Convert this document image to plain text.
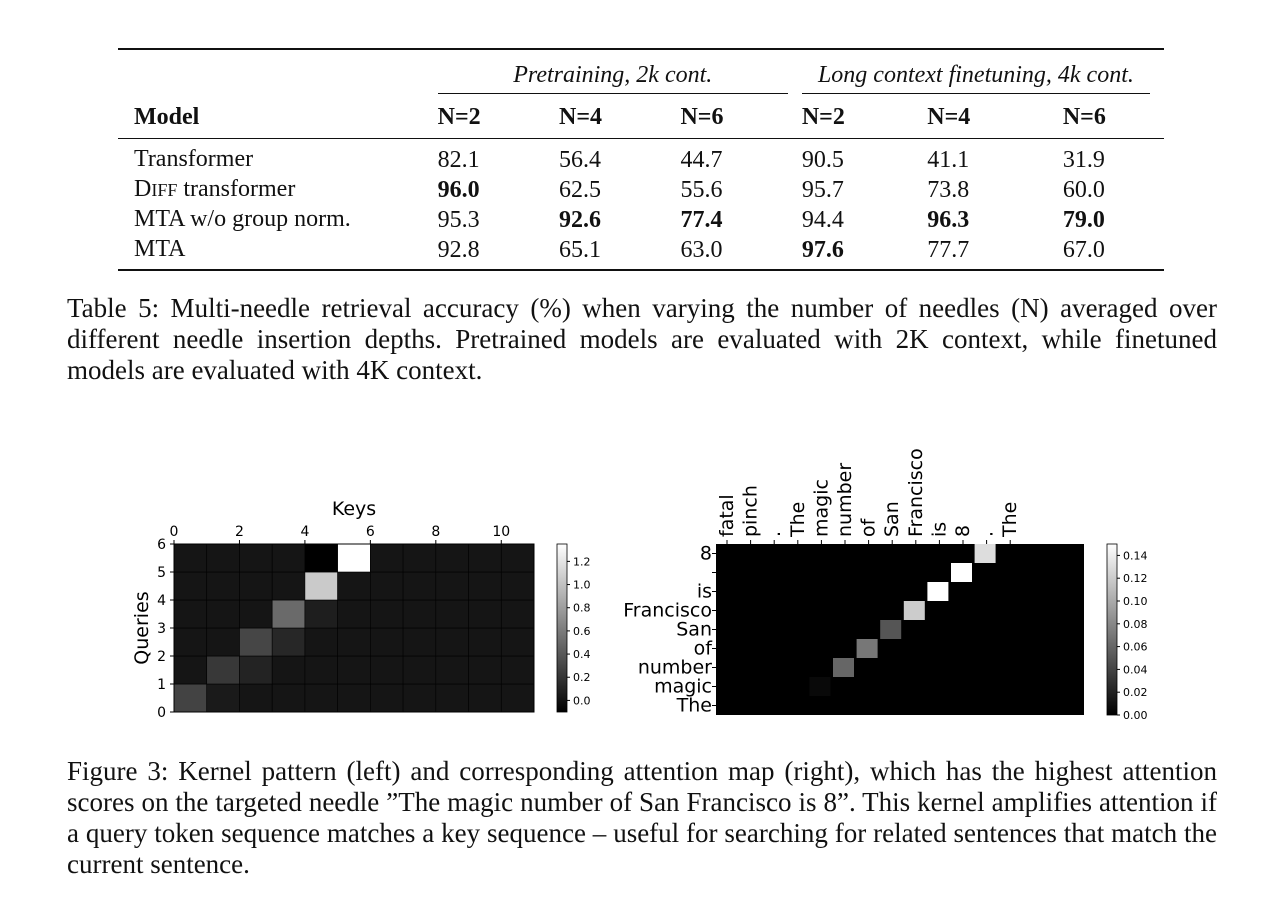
	Pretraining, 2k cont.			Long context finetuning, 4k cont.		

Model	N=2	N=4	N=6	N=2	N=4	N=6
Transformer	82.1	56.4	44.7	90.5	41.1	31.9
DIFF transformer	96.0	62.5	55.6	95.7	73.8	60.0
MTA w/o group norm.	95.3	92.6	77.4	94.4	96.3	79.0
MTA	92.8	65.1	63.0	97.6	77.7	67.0
Table 5: Multi-needle retrieval accuracy (%) when varying the number of needles (N) averaged over different needle insertion depths. Pretrained models are evaluated with 2K context, while finetuned models are evaluated with 4K context.
0	2	4	6	8	10
Keys
0
1
2
3
4
5
6
Queries
0.0
0.2
0.4
0.6
0.8
1.0
1.2
fatal pinch . The magic number of San Francisco is 8 . The
The
magic
number
of
San
Francisco
is
8
0.00
0.02
0.04
0.06
0.08
0.10
0.12
0.14
Figure 3: Kernel pattern (left) and corresponding attention map (right), which has the highest attention scores on the targeted needle ”The magic number of San Francisco is 8”. This kernel amplifies attention if a query token sequence matches a key sequence – useful for searching for related sentences that match the current sentence.
